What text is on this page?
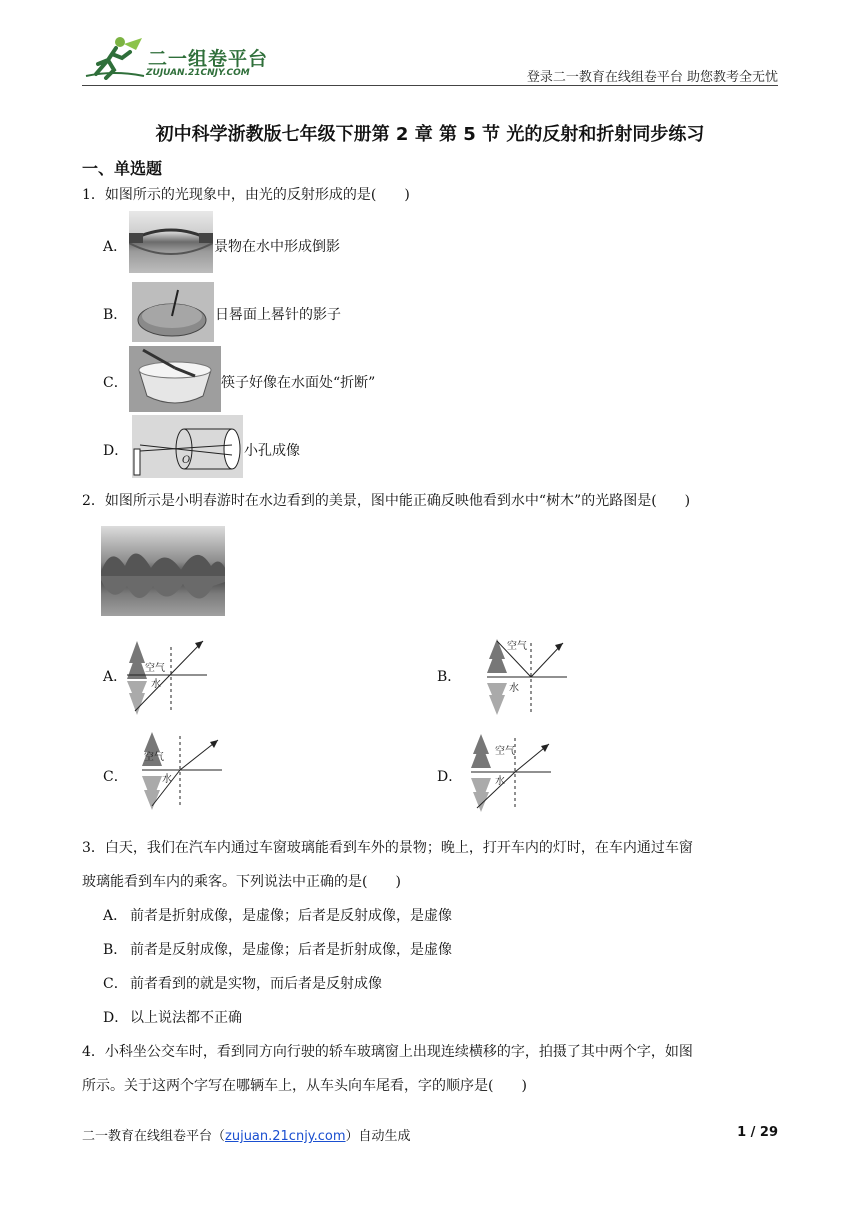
二一组卷平台
ZUJUAN.21CNJY.COM	登录二一教育在线组卷平台 助您教考全无忧
初中科学浙教版七年级下册第 2 章 第 5 节 光的反射和折射同步练习
一、单选题
1．如图所示的光现象中，由光的反射形成的是(　　)
A．	景物在水中形成倒影
B．	日晷面上晷针的影子
C．	筷子好像在水面处“折断”
D．
O
小孔成像
2．如图所示是小明春游时在水边看到的美景，图中能正确反映他看到水中“树木”的光路图是(　　)
A．
空气
水	B．
空气
水
C．
空气
水	D．
空气
水
3．白天，我们在汽车内通过车窗玻璃能看到车外的景物；晚上，打开车内的灯时，在车内通过车窗
玻璃能看到车内的乘客。下列说法中正确的是(　　)
A． 前者是折射成像，是虚像；后者是反射成像，是虚像
B． 前者是反射成像，是虚像；后者是折射成像，是虚像
C． 前者看到的就是实物，而后者是反射成像
D． 以上说法都不正确
4．小科坐公交车时，看到同方向行驶的轿车玻璃窗上出现连续横移的字，拍摄了其中两个字，如图
所示。关于这两个字写在哪辆车上，从车头向车尾看，字的顺序是(　　)
二一教育在线组卷平台（zujuan.21cnjy.com）自动生成	1 / 29
